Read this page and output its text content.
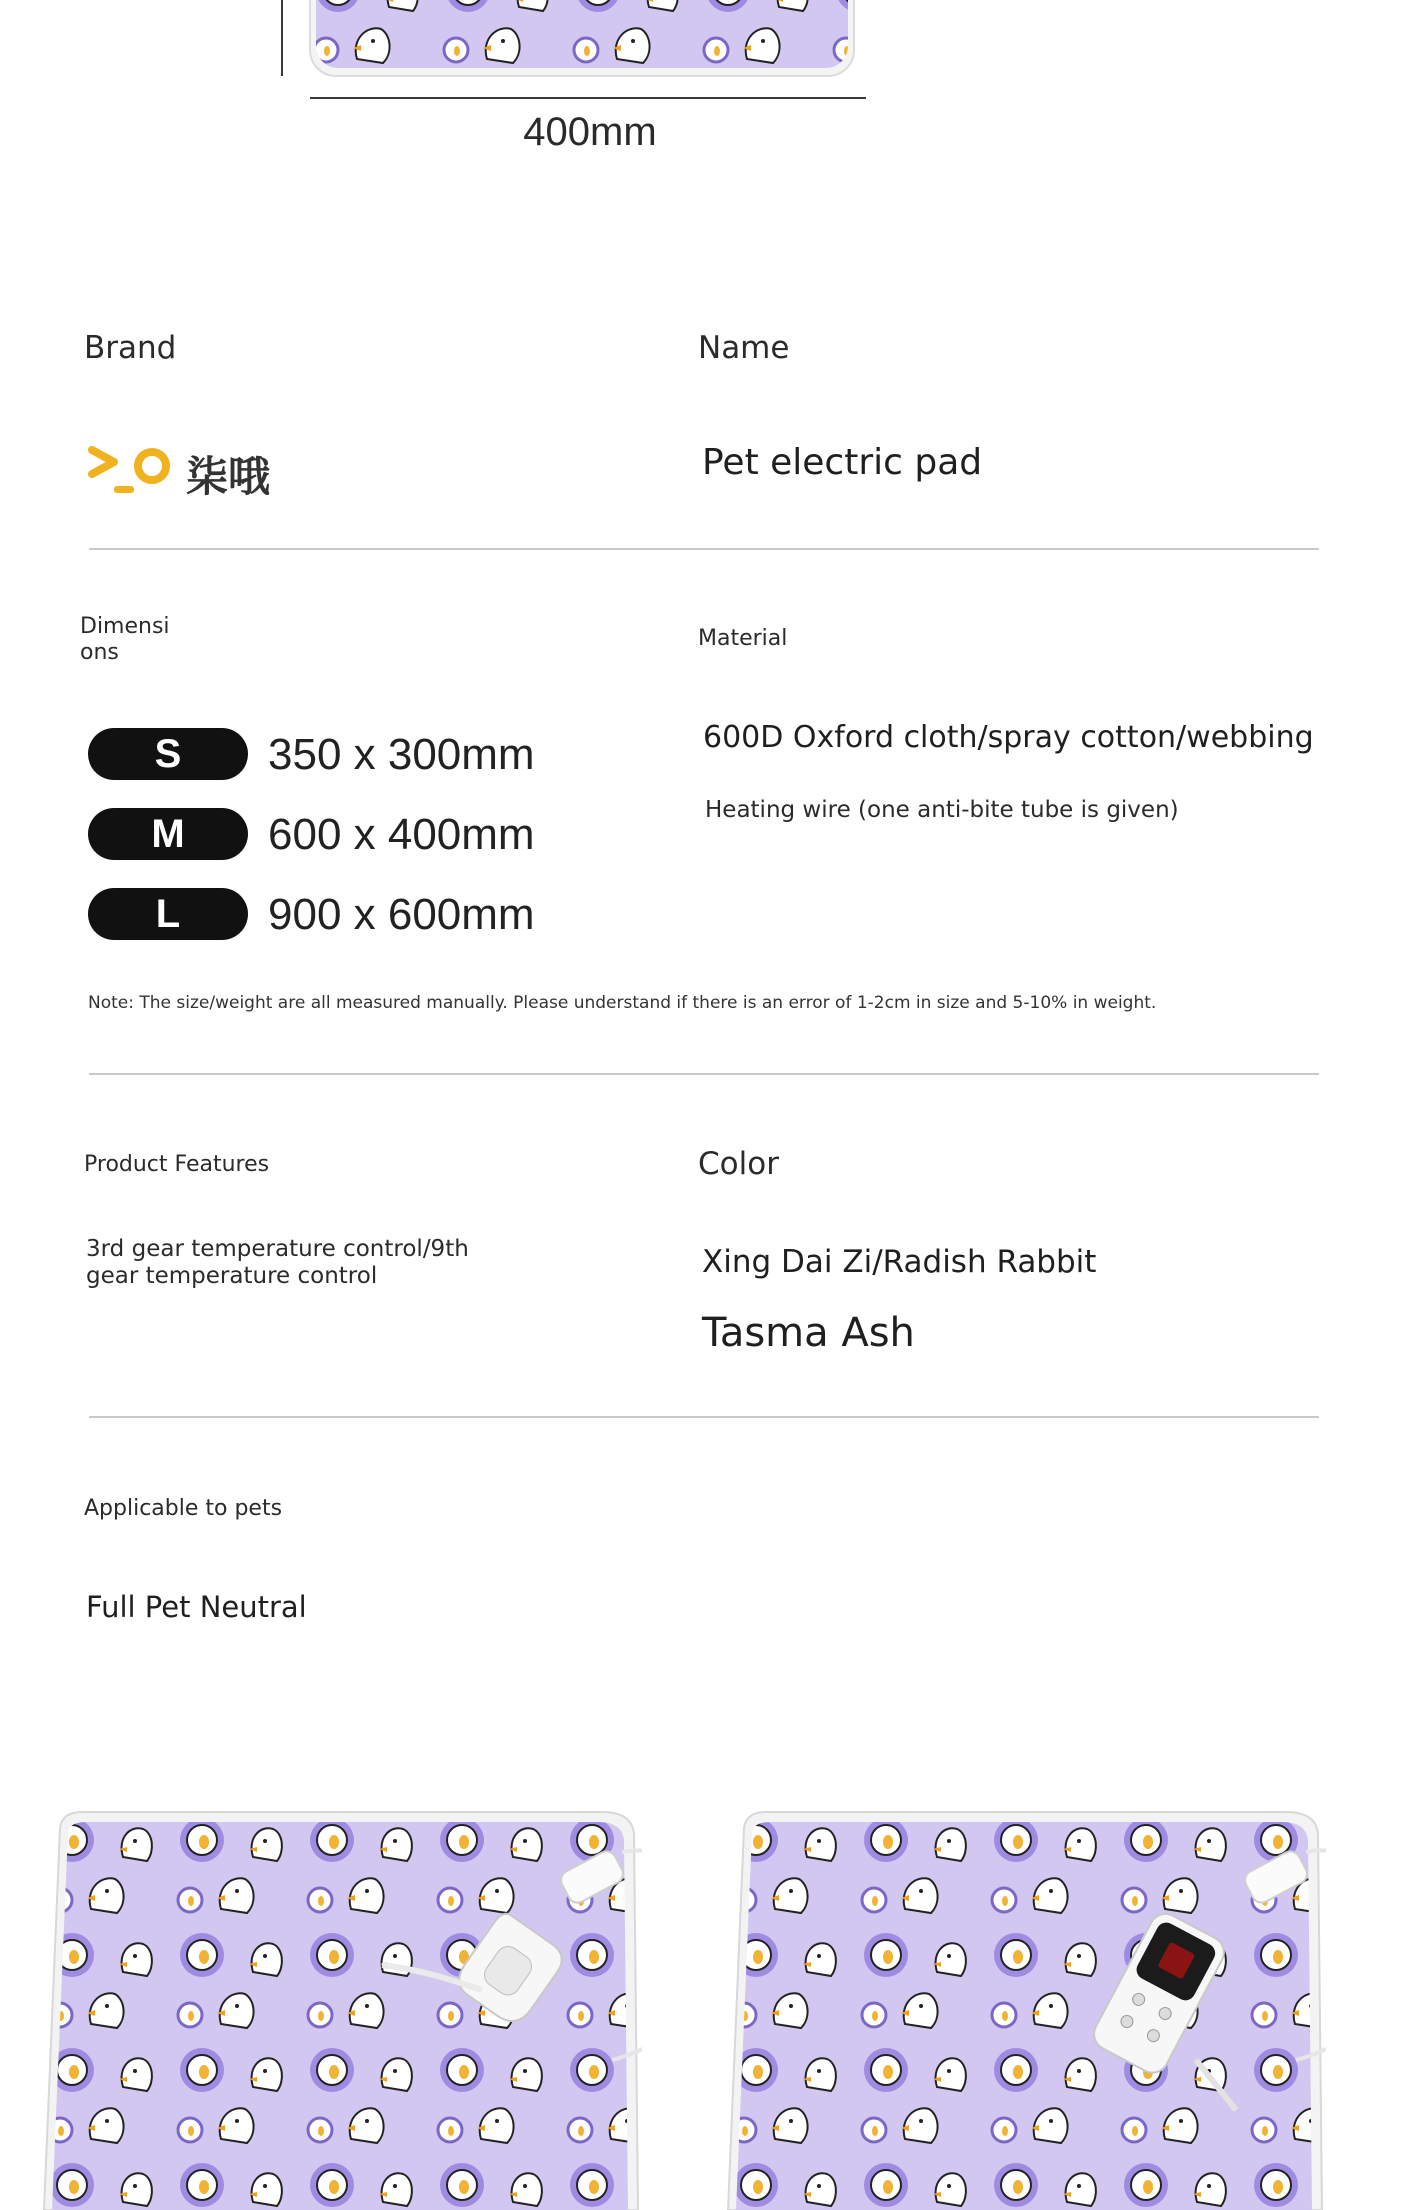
400mm
Brand	Name
柒哦	Pet electric pad
Dimensi
ons
Material
S	350 x 300mm
M	600 x 400mm
L	900 x 600mm
600D Oxford cloth/spray cotton/webbing
Heating wire (one anti-bite tube is given)
Note: The size/weight are all measured manually. Please understand if there is an error of 1-2cm in size and 5-10% in weight.
Product Features	Color
3rd gear temperature control/9th
gear temperature control	Xing Dai Zi/Radish Rabbit
Tasma Ash
Applicable to pets
Full Pet Neutral
